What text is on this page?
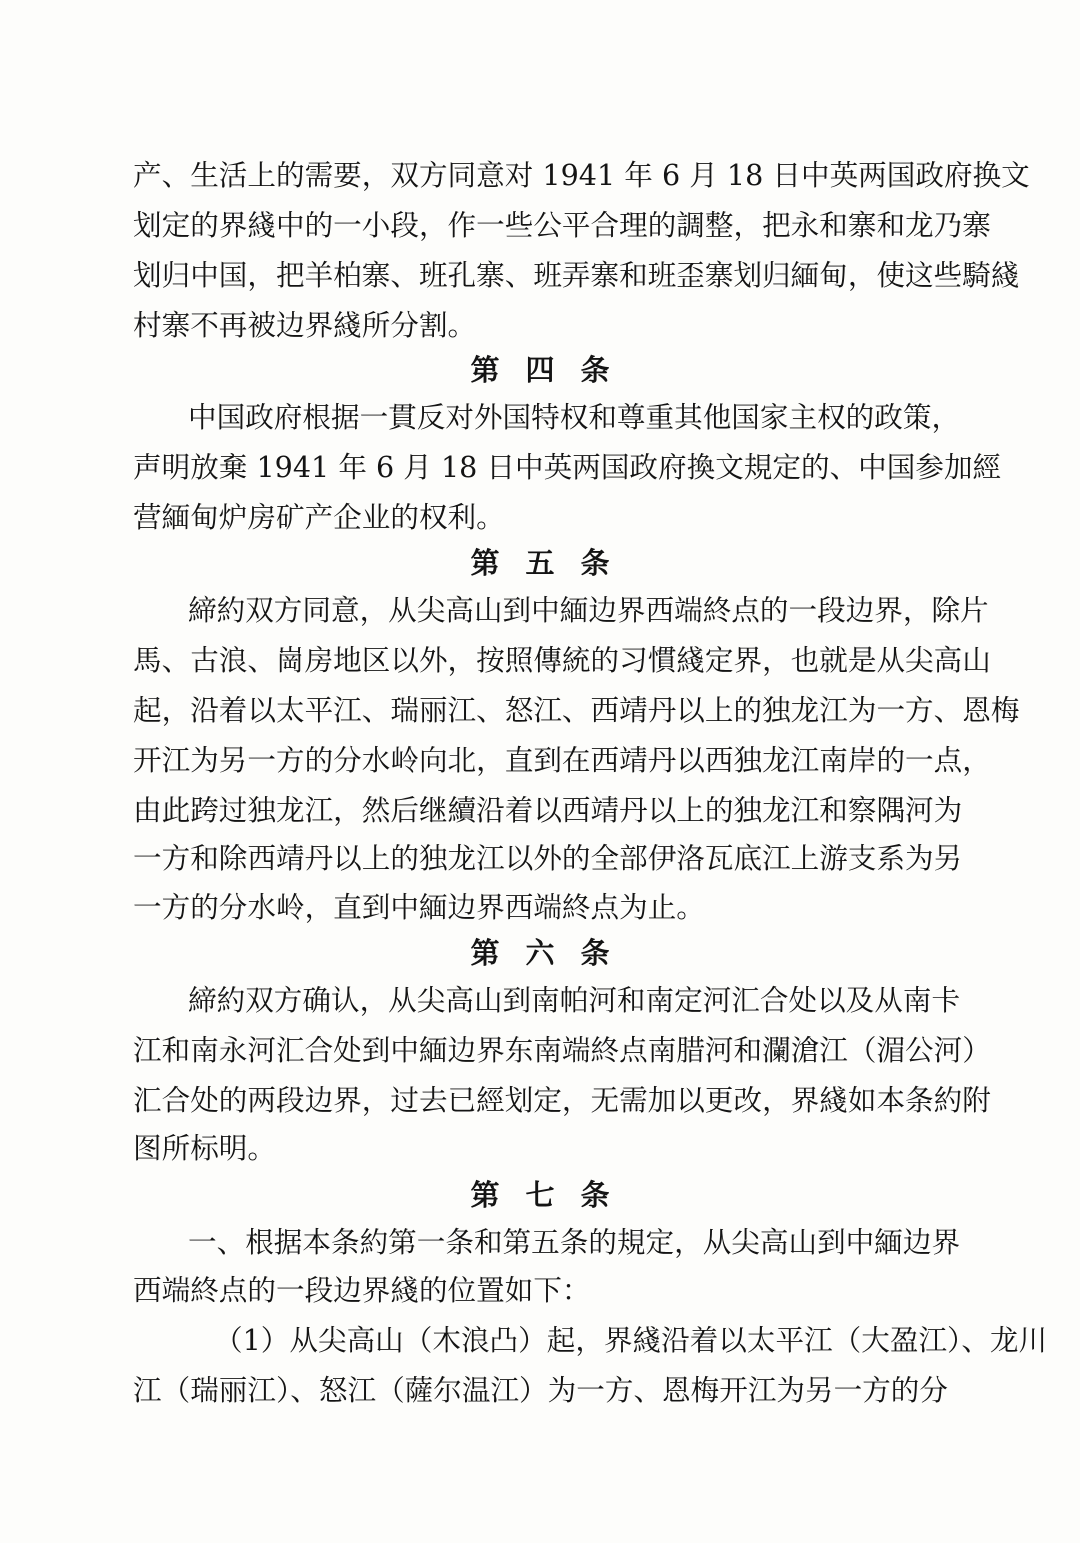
产、生活上的需要，双方同意对 1941 年 6 月 18 日中英两国政府换文
划定的界綫中的一小段，作一些公平合理的調整，把永和寨和龙乃寨
划归中国，把羊柏寨、班孔寨、班弄寨和班歪寨划归緬甸，使这些騎綫
村寨不再被边界綫所分割。
第四条
中国政府根据一貫反对外国特权和尊重其他国家主权的政策，
声明放棄 1941 年 6 月 18 日中英两国政府換文規定的、中国参加經
营緬甸炉房矿产企业的权利。
第五条
締約双方同意，从尖高山到中緬边界西端終点的一段边界，除片
馬、古浪、崗房地区以外，按照傳統的习慣綫定界，也就是从尖高山
起，沿着以太平江、瑞丽江、怒江、西靖丹以上的独龙江为一方、恩梅
开江为另一方的分水岭向北，直到在西靖丹以西独龙江南岸的一点，
由此跨过独龙江，然后继續沿着以西靖丹以上的独龙江和察隅河为
一方和除西靖丹以上的独龙江以外的全部伊洛瓦底江上游支系为另
一方的分水岭，直到中緬边界西端終点为止。
第六条
締約双方确认，从尖高山到南帕河和南定河汇合处以及从南卡
江和南永河汇合处到中緬边界东南端終点南腊河和瀾滄江（湄公河）
汇合处的两段边界，过去已經划定，无需加以更改，界綫如本条約附
图所标明。
第七条
一、根据本条約第一条和第五条的規定，从尖高山到中緬边界
西端終点的一段边界綫的位置如下：
（1）从尖高山（木浪凸）起，界綫沿着以太平江（大盈江）、龙川
江（瑞丽江）、怒江（薩尔温江）为一方、恩梅开江为另一方的分
